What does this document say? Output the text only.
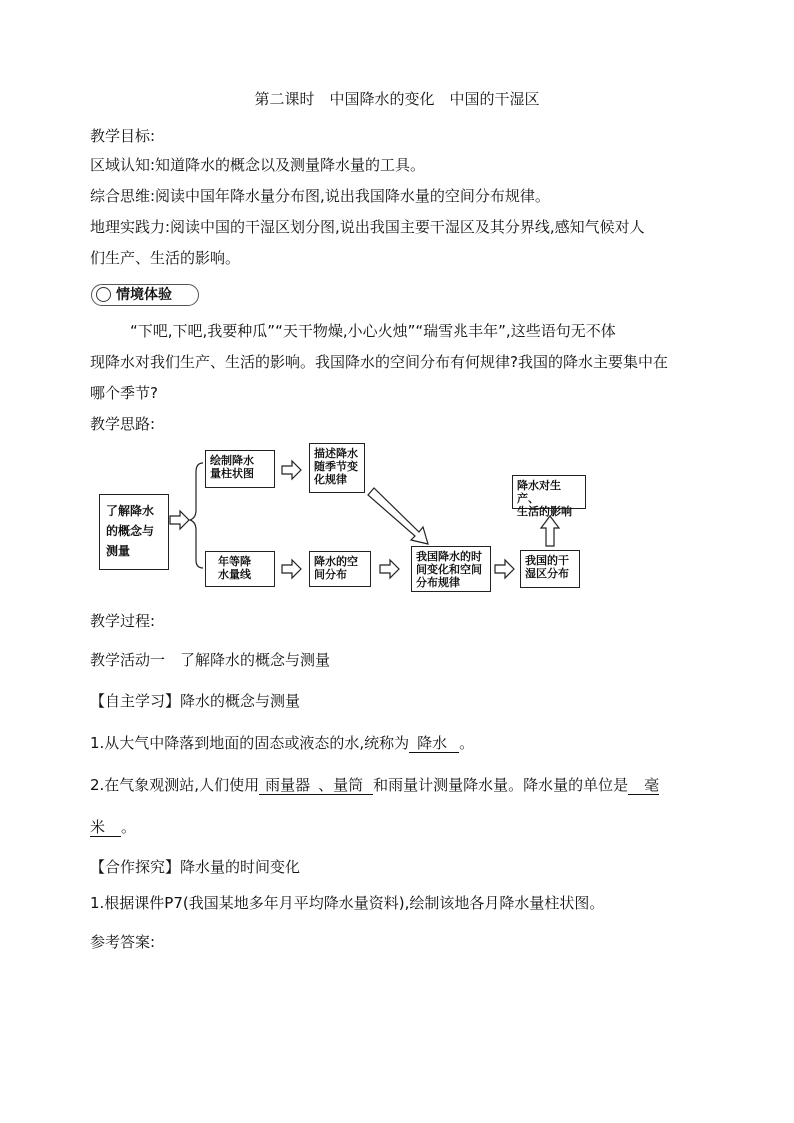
第二课时　中国降水的变化　中国的干湿区
教学目标:
区域认知:知道降水的概念以及测量降水量的工具。
综合思维:阅读中国年降水量分布图,说出我国降水量的空间分布规律。
地理实践力:阅读中国的干湿区划分图,说出我国主要干湿区及其分界线,感知气候对人
们生产、生活的影响。
情境体验
“下吧,下吧,我要种瓜”“天干物燥,小心火烛”“瑞雪兆丰年”,这些语句无不体
现降水对我们生产、生活的影响。我国降水的空间分布有何规律?我国的降水主要集中在
哪个季节?
教学思路:
了解降水
的概念与
测量
绘制降水
量柱状图
描述降水
随季节变
化规律
年等降
水量线
降水的空
间分布
我国降水的时
间变化和空间
分布规律
我国的干
湿区分布
降水对生产、
生活的影响
教学过程:
教学活动一　了解降水的概念与测量
【自主学习】降水的概念与测量
1.从大气中降落到地面的固态或液态的水,统称为 降水 。
2.在气象观测站,人们使用 雨量器 、量筒 和雨量计测量降水量。降水量的单位是 毫
米 。
【合作探究】降水量的时间变化
1.根据课件P7(我国某地多年月平均降水量资料),绘制该地各月降水量柱状图。
参考答案:
